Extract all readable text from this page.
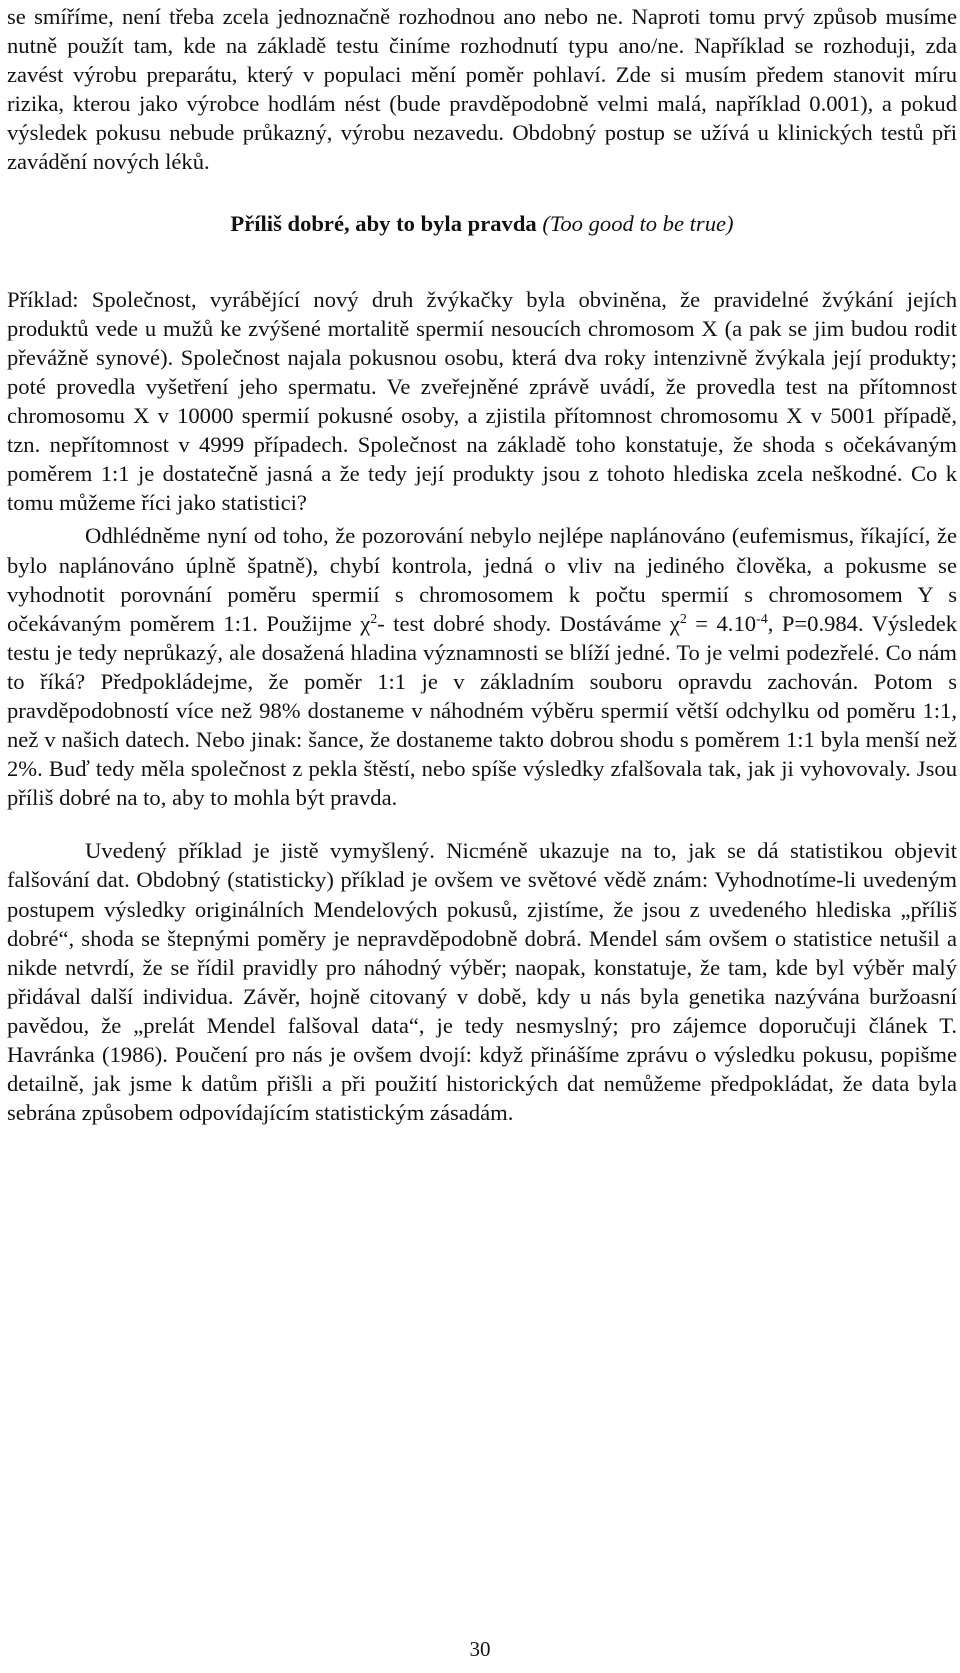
se smíříme, není třeba zcela jednoznačně rozhodnou ano nebo ne. Naproti tomu prvý způsob musíme nutně použít tam, kde na základě testu činíme rozhodnutí typu ano/ne. Například se rozhoduji, zda zavést výrobu preparátu, který v populaci mění poměr pohlaví. Zde si musím předem stanovit míru rizika, kterou jako výrobce hodlám nést (bude pravděpodobně velmi malá, například 0.001), a pokud výsledek pokusu nebude průkazný, výrobu nezavedu. Obdobný postup se užívá u klinických testů při zavádění nových léků.

Příliš dobré, aby to byla pravda (Too good to be true)

Příklad: Společnost, vyrábějící nový druh žvýkačky byla obviněna, že pravidelné žvýkání jejích produktů vede u mužů ke zvýšené mortalitě spermií nesoucích chromosom X (a pak se jim budou rodit převážně synové). Společnost najala pokusnou osobu, která dva roky intenzivně žvýkala její produkty; poté provedla vyšetření jeho spermatu. Ve zveřejněné zprávě uvádí, že provedla test na přítomnost chromosomu X v 10000 spermií pokusné osoby, a zjistila přítomnost chromosomu X v 5001 případě, tzn. nepřítomnost v 4999 případech. Společnost na základě toho konstatuje, že shoda s očekávaným poměrem 1:1 je dostatečně jasná a že tedy její produkty jsou z tohoto hlediska zcela neškodné. Co k tomu můžeme říci jako statistici?

Odhlédněme nyní od toho, že pozorování nebylo nejlépe naplánováno (eufemismus, říkající, že bylo naplánováno úplně špatně), chybí kontrola, jedná o vliv na jediného člověka, a pokusme se vyhodnotit porovnání poměru spermií s chromosomem k počtu spermií s chromosomem Y s očekávaným poměrem 1:1. Použijme $\chi^2-$ test dobré shody. Dostáváme $\chi^2 = 4.10^{-4}$, P=0.984. Výsledek testu je tedy neprůkazý, ale dosažená hladina významnosti se blíží jedné. To je velmi podezřelé. Co nám to říká? Předpokládejme, že poměr 1:1 je v základním souboru opravdu zachován. Potom s pravděpodobností více než 98% dostaneme v náhodném výběru spermií větší odchylku od poměru 1:1, než v našich datech. Nebo jinak: šance, že dostaneme takto dobrou shodu s poměrem 1:1 byla menší než 2%. Buď tedy měla společnost z pekla štěstí, nebo spíše výsledky zfalšovala tak, jak ji vyhovovaly. Jsou příliš dobré na to, aby to mohla být pravda.

Uvedený příklad je jistě vymyšlený. Nicméně ukazuje na to, jak se dá statistikou objevit falšování dat. Obdobný (statisticky) příklad je ovšem ve světové vědě znám: Vyhodnotíme-li uvedeným postupem výsledky originálních Mendelových pokusů, zjistíme, že jsou z uvedeného hlediska „příliš dobré“, shoda se štepnými poměry je nepravděpodobně dobrá. Mendel sám ovšem o statistice netušil a nikde netvrdí, že se řídil pravidly pro náhodný výběr; naopak, konstatuje, že tam, kde byl výběr malý přidával další individua. Závěr, hojně citovaný v době, kdy u nás byla genetika nazývána buržoasní pavědou, že „prelát Mendel falšoval data“, je tedy nesmyslný; pro zájemce doporučuji článek T. Havránka (1986). Poučení pro nás je ovšem dvojí: když přinášíme zprávu o výsledku pokusu, popišme detailně, jak jsme k datům přišli a při použití historických dat nemůžeme předpokládat, že data byla sebrána způsobem odpovídajícím statistickým zásadám.

30
